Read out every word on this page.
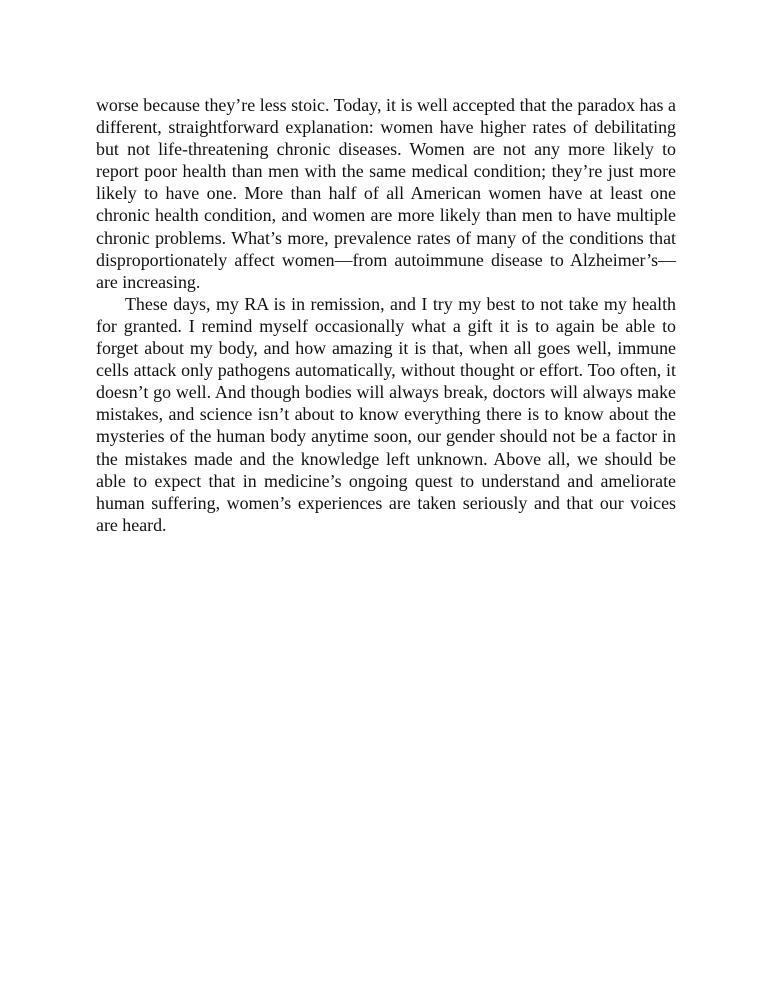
worse because they’re less stoic. Today, it is well accepted that the paradox has a different, straightforward explanation: women have higher rates of debilitating but not life-threatening chronic diseases. Women are not any more likely to report poor health than men with the same medical condition; they’re just more likely to have one. More than half of all American women have at least one chronic health condition, and women are more likely than men to have multiple chronic problems. What’s more, prevalence rates of many of the conditions that disproportionately affect women—from autoimmune disease to Alzheimer’s—are increasing.

These days, my RA is in remission, and I try my best to not take my health for granted. I remind myself occasionally what a gift it is to again be able to forget about my body, and how amazing it is that, when all goes well, immune cells attack only pathogens automatically, without thought or effort. Too often, it doesn’t go well. And though bodies will always break, doctors will always make mistakes, and science isn’t about to know everything there is to know about the mysteries of the human body anytime soon, our gender should not be a factor in the mistakes made and the knowledge left unknown. Above all, we should be able to expect that in medicine’s ongoing quest to understand and ameliorate human suffering, women’s experiences are taken seriously and that our voices are heard.
